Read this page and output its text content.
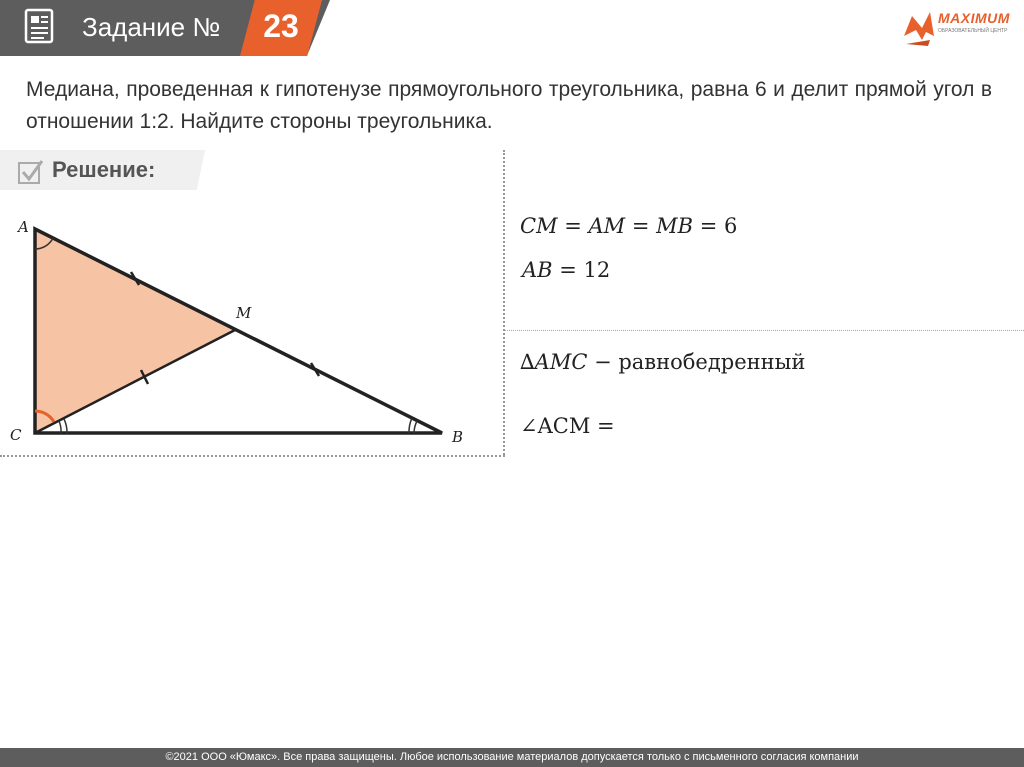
Задание №	23	MAXIMUM
ОБРАЗОВАТЕЛЬНЫЙ ЦЕНТР
Медиана, проведенная к гипотенузе прямоугольного треугольника, равна 6 и делит прямой угол в отношении 1:2. Найдите стороны треугольника.
Решение:
A
M
C	B
𝐶𝑀 = 𝐴𝑀 = 𝑀𝐵 = 6
𝐴𝐵 = 12
∆𝐴𝑀𝐶 − равнобедренный
∠ACM =
©2021 ООО «Юмакс». Все права защищены. Любое использование материалов допускается только с письменного согласия компании
